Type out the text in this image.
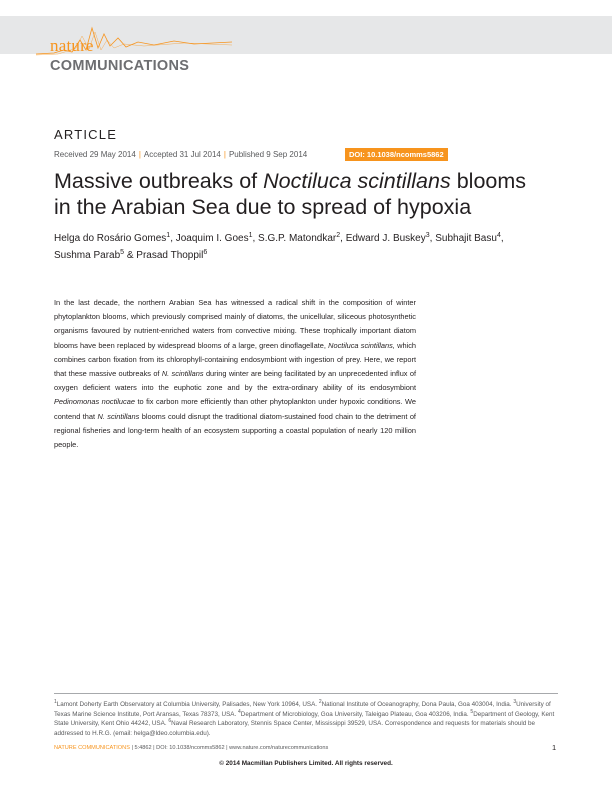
nature
COMMUNICATIONS
ARTICLE
Received 29 May 2014 | Accepted 31 Jul 2014 | Published 9 Sep 2014	DOI: 10.1038/ncomms5862
Massive outbreaks of Noctiluca scintillans blooms
in the Arabian Sea due to spread of hypoxia
Helga do Rosário Gomes$^1$, Joaquim I. Goes$^1$, S.G.P. Matondkar$^2$, Edward J. Buskey$^3$, Subhajit Basu$^4$,
Sushma Parab$^5$ & Prasad Thoppil$^6$
In the last decade, the northern Arabian Sea has witnessed a radical shift in the composition of winter phytoplankton blooms, which previously comprised mainly of diatoms, the unicellular, siliceous photosynthetic organisms favoured by nutrient-enriched waters from convective mixing. These trophically important diatom blooms have been replaced by widespread blooms of a large, green dinoflagellate, Noctiluca scintillans, which combines carbon fixation from its chlorophyll-containing endosymbiont with ingestion of prey. Here, we report that these massive outbreaks of N. scintillans during winter are being facilitated by an unprecedented influx of oxygen deficient waters into the euphotic zone and by the extra-ordinary ability of its endosymbiont Pedinomonas noctilucae to fix carbon more efficiently than other phytoplankton under hypoxic conditions. We contend that N. scintillans blooms could disrupt the traditional diatom-sustained food chain to the detriment of regional fisheries and long-term health of an ecosystem supporting a coastal population of nearly 120 million people.
$^1$Lamont Doherty Earth Observatory at Columbia University, Palisades, New York 10964, USA. $^2$National Institute of Oceanography, Dona Paula, Goa 403004, India. $^3$University of Texas Marine Science Institute, Port Aransas, Texas 78373, USA. $^4$Department of Microbiology, Goa University, Taleigao Plateau, Goa 403206, India. $^5$Department of Geology, Kent State University, Kent Ohio 44242, USA. $^6$Naval Research Laboratory, Stennis Space Center, Mississippi 39529, USA. Correspondence and requests for materials should be addressed to H.R.G. (email: helga@ldeo.columbia.edu).
NATURE COMMUNICATIONS | 5:4862 | DOI: 10.1038/ncomms5862 | www.nature.com/naturecommunications	1
© 2014 Macmillan Publishers Limited. All rights reserved.
